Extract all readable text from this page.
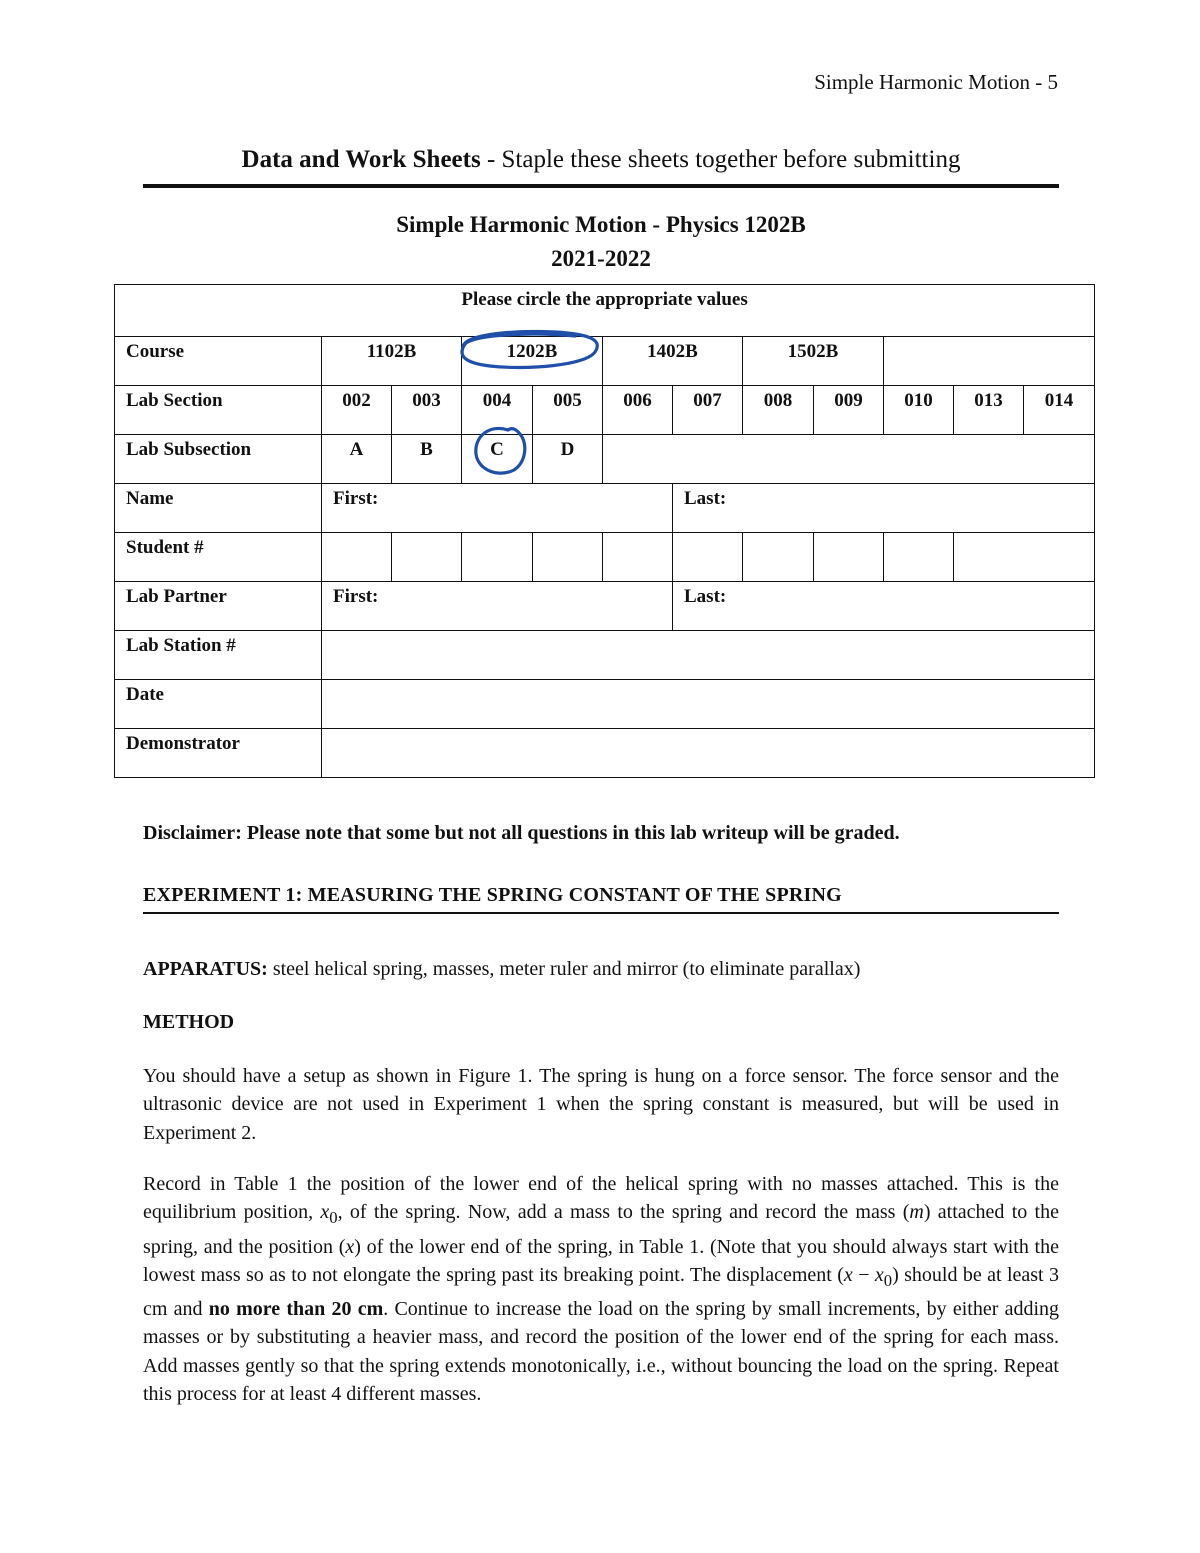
Simple Harmonic Motion - 5
Data and Work Sheets - Staple these sheets together before submitting
Simple Harmonic Motion - Physics 1202B
2021-2022
Please circle the appropriate values											
Course	1102B		1202B		1402B		1502B				
Lab Section	002	003	004	005	006	007	008	009	010	013	014
Lab Subsection	A	B	C	D							
Name	First:					Last:					
Student #											
Lab Partner	First:					Last:					
Lab Station #											
Date											
Demonstrator											
Disclaimer: Please note that some but not all questions in this lab writeup will be graded.
EXPERIMENT 1: MEASURING THE SPRING CONSTANT OF THE SPRING
APPARATUS: steel helical spring, masses, meter ruler and mirror (to eliminate parallax)
METHOD
You should have a setup as shown in Figure 1. The spring is hung on a force sensor. The force sensor and the ultrasonic device are not used in Experiment 1 when the spring constant is measured, but will be used in Experiment 2.
Record in Table 1 the position of the lower end of the helical spring with no masses attached. This is the equilibrium position, $x_0$, of the spring. Now, add a mass to the spring and record the mass (m) attached to the spring, and the position (x) of the lower end of the spring, in Table 1. (Note that you should always start with the lowest mass so as to not elongate the spring past its breaking point. The displacement $(x - x_0)$ should be at least 3 cm and no more than 20 cm. Continue to increase the load on the spring by small increments, by either adding masses or by substituting a heavier mass, and record the position of the lower end of the spring for each mass. Add masses gently so that the spring extends monotonically, i.e., without bouncing the load on the spring. Repeat this process for at least 4 different masses.
